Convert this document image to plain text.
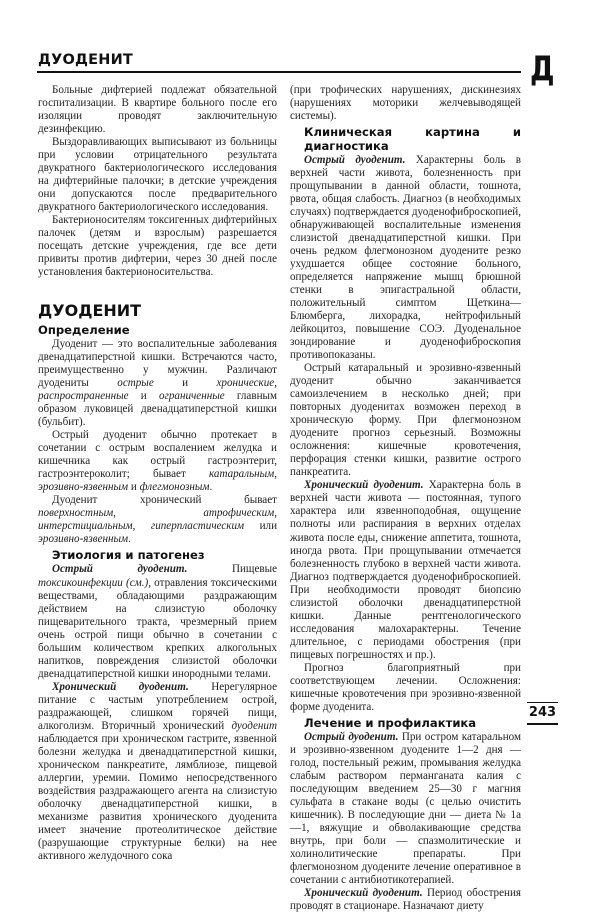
ДУОДЕНИТ	Д

Больные дифтерией подлежат обязательной госпитализации. В квартире больного после его изоляции проводят заключительную дезинфекцию.

Выздоравливающих выписывают из больницы при условии отрицательного результата двукратного бактериологического исследования на дифтерийные палочки; в детские учреждения они допускаются после предварительного двукратного бактериологического исследования.

Бактерионосителям токсигенных дифтерийных палочек (детям и взрослым) разрешается посещать детские учреждения, где все дети привиты против дифтерии, через 30 дней после установления бактерионосительства.

ДУОДЕНИТ
Определение

Дуоденит — это воспалительные заболевания двенадцатиперстной кишки. Встречаются часто, преимущественно у мужчин. Различают дуодениты острые и хронические, распространенные и ограниченные главным образом луковицей двенадцатиперстной кишки (бульбит).

Острый дуоденит обычно протекает в сочетании с острым воспалением желудка и кишечника как острый гастроэнтерит, гастроэнтероколит; бывает катаральным, эрозивно-язвенным и флегмонозным.

Дуоденит хронический бывает поверхностным, атрофическим, интерстициальным, гиперпластическим или эрозивно-язвенным.

Этиология и патогенез

Острый дуоденит. Пищевые токсикоинфекции (см.), отравления токсическими веществами, обладающими раздражающим действием на слизистую оболочку пищеварительного тракта, чрезмерный прием очень острой пищи обычно в сочетании с большим количеством крепких алкогольных напитков, повреждения слизистой оболочки двенадцатиперстной кишки инородными телами.

Хронический дуоденит. Нерегулярное питание с частым употреблением острой, раздражающей, слишком горячей пищи, алкоголизм. Вторичный хронический дуоденит наблюдается при хроническом гастрите, язвенной болезни желудка и двенадцатиперстной кишки, хроническом панкреатите, лямблиозе, пищевой аллергии, уремии. Помимо непосредственного воздействия раздражающего агента на слизистую оболочку двенадцатиперстной кишки, в механизме развития хронического дуоденита имеет значение протеолитическое действие (разрушающие структурные белки) на нее активного желудочного сока

(при трофических нарушениях, дискинезиях (нарушениях моторики желчевыводящей системы).

Клиническая картина и диагностика

Острый дуоденит. Характерны боль в верхней части живота, болезненность при прощупывании в данной области, тошнота, рвота, общая слабость. Диагноз (в необходимых случаях) подтверждается дуоденофиброскопией, обнаруживающей воспалительные изменения слизистой двенадцатиперстной кишки. При очень редком флегмонозном дуодените резко ухудшается общее состояние больного, определяется напряжение мышц брюшной стенки в эпигастральной области, положительный симптом Щеткина—Блюмберга, лихорадка, нейтрофильный лейкоцитоз, повышение СОЭ. Дуоденальное зондирование и дуоденофиброскопия противопоказаны.

Острый катаральный и эрозивно-язвенный дуоденит обычно заканчивается самоизлечением в несколько дней; при повторных дуоденитах возможен переход в хроническую форму. При флегмонозном дуодените прогноз серьезный. Возможны осложнения: кишечные кровотечения, перфорация стенки кишки, развитие острого панкреатита.

Хронический дуоденит. Характерна боль в верхней части живота — постоянная, тупого характера или язвенноподобная, ощущение полноты или распирания в верхних отделах живота после еды, снижение аппетита, тошнота, иногда рвота. При прощупывании отмечается болезненность глубоко в верхней части живота. Диагноз подтверждается дуоденофиброскопией. При необходимости проводят биопсию слизистой оболочки двенадцатиперстной кишки. Данные рентгенологического исследования малохарактерны. Течение длительное, с периодами обострения (при пищевых погрешностях и пр.).

Прогноз благоприятный при соответствующем лечении. Осложнения: кишечные кровотечения при эрозивно-язвенной форме дуоденита.

Лечение и профилактика

Острый дуоденит. При остром катаральном и эрозивно-язвенном дуодените 1—2 дня — голод, постельный режим, промывания желудка слабым раствором перманганата калия с последующим введением 25—30 г магния сульфата в стакане воды (с целью очистить кишечник). В последующие дни — диета № 1а—1, вяжущие и обволакивающие средства внутрь, при боли — спазмолитические и холинолитические препараты. При флегмонозном дуодените лечение оперативное в сочетании с антибиотикотерапией.

Хронический дуоденит. Период обострения проводят в стационаре. Назначают диету

243
